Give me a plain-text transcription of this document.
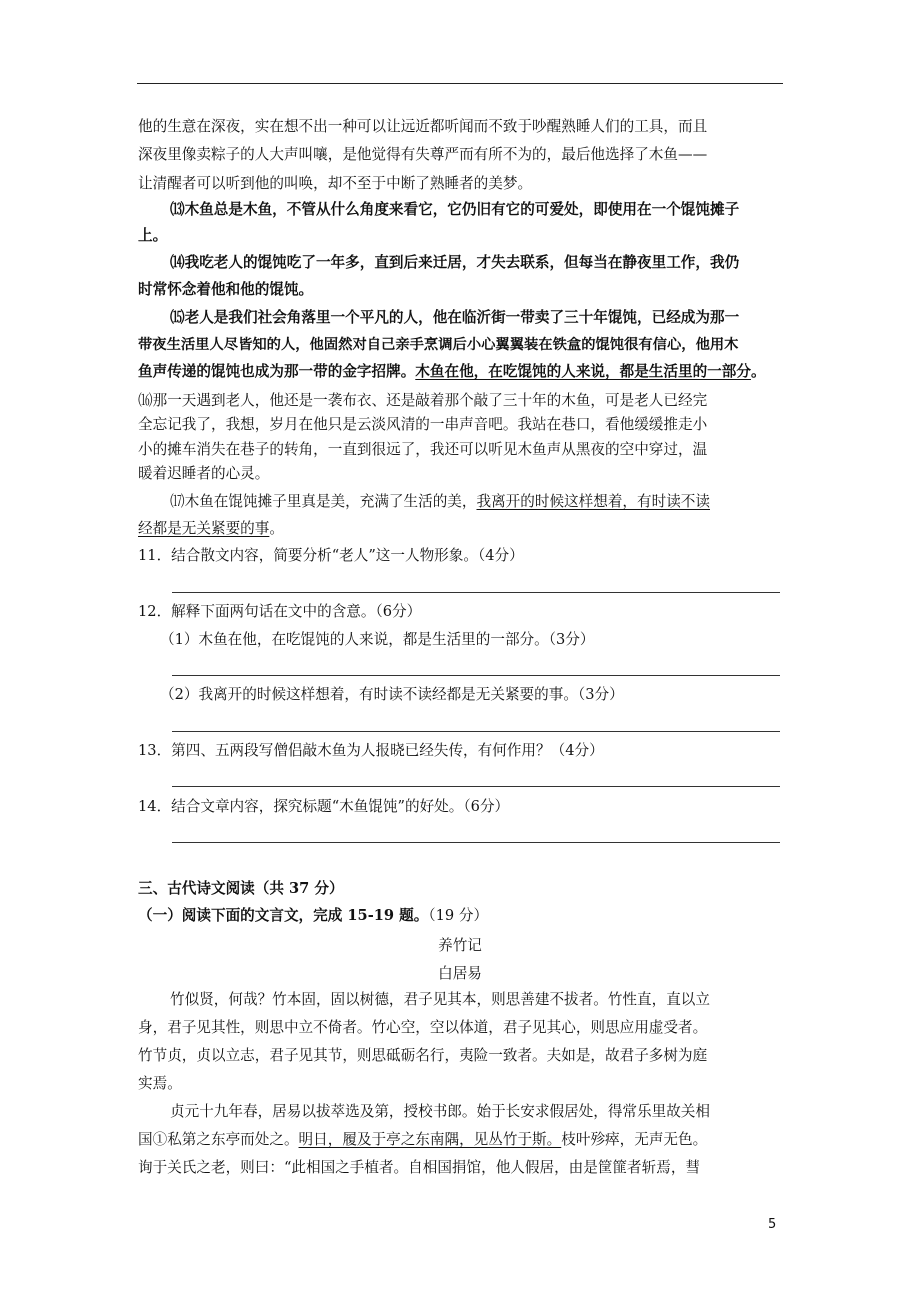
他的生意在深夜，实在想不出一种可以让远近都听闻而不致于吵醒熟睡人们的工具，而且
深夜里像卖粽子的人大声叫嚷，是他觉得有失尊严而有所不为的，最后他选择了木鱼——
让清醒者可以听到他的叫唤，却不至于中断了熟睡者的美梦。
⒀木鱼总是木鱼，不管从什么角度来看它，它仍旧有它的可爱处，即使用在一个馄饨摊子
上。
⒁我吃老人的馄饨吃了一年多，直到后来迁居，才失去联系，但每当在静夜里工作，我仍
时常怀念着他和他的馄饨。
⒂老人是我们社会角落里一个平凡的人，他在临沂街一带卖了三十年馄饨，已经成为那一
带夜生活里人尽皆知的人，他固然对自己亲手烹调后小心翼翼装在铁盒的馄饨很有信心，他用木
鱼声传递的馄饨也成为那一带的金字招牌。木鱼在他，在吃馄饨的人来说，都是生活里的一部分。
⒃那一天遇到老人，他还是一袭布衣、还是敲着那个敲了三十年的木鱼，可是老人已经完
全忘记我了，我想，岁月在他只是云淡风清的一串声音吧。我站在巷口，看他缓缓推走小
小的摊车消失在巷子的转角，一直到很远了，我还可以听见木鱼声从黑夜的空中穿过，温
暖着迟睡者的心灵。
⒄木鱼在馄饨摊子里真是美，充满了生活的美，我离开的时候这样想着，有时读不读
经都是无关紧要的事。
11．结合散文内容，简要分析“老人”这一人物形象。（4分）
12．解释下面两句话在文中的含意。（6分）
（1）木鱼在他，在吃馄饨的人来说，都是生活里的一部分。（3分）
（2）我离开的时候这样想着，有时读不读经都是无关紧要的事。（3分）
13．第四、五两段写僧侣敲木鱼为人报晓已经失传，有何作用？（4分）
14．结合文章内容，探究标题“木鱼馄饨”的好处。（6分）
三、古代诗文阅读（共 37 分）
（一）阅读下面的文言文，完成 15-19 题。（19 分）
养竹记
白居易
竹似贤，何哉？竹本固，固以树德，君子见其本，则思善建不拔者。竹性直，直以立
身，君子见其性，则思中立不倚者。竹心空，空以体道，君子见其心，则思应用虚受者。
竹节贞，贞以立志，君子见其节，则思砥砺名行，夷险一致者。夫如是，故君子多树为庭
实焉。
贞元十九年春，居易以拔萃选及第，授校书郎。始于长安求假居处，得常乐里故关相
国①私第之东亭而处之。明日，履及于亭之东南隅，见丛竹于斯。枝叶殄瘁，无声无色。
询于关氏之老，则曰：“此相国之手植者。自相国捐馆，他人假居，由是筐篚者斩焉，彗
5
